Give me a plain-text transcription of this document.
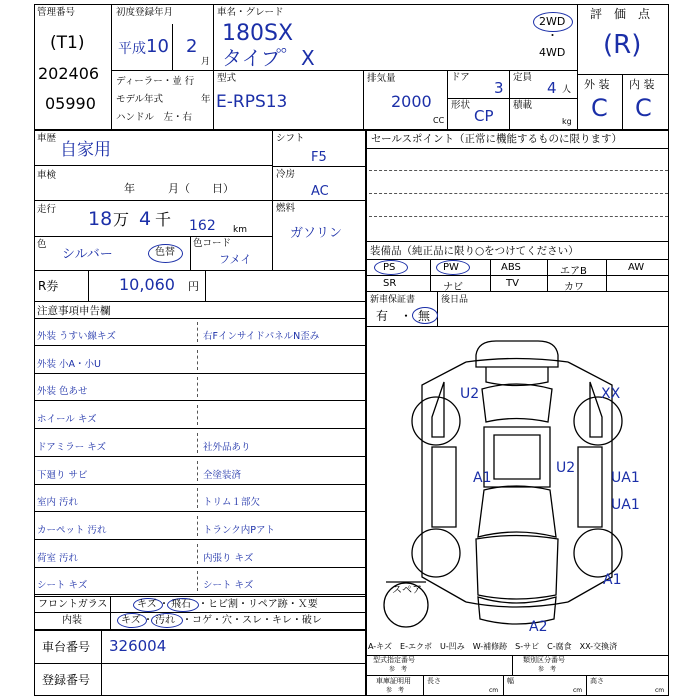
管理番号
(T1)
202406
05990
初度登録年月
平成 10 2
月
ディーラー・並 行
モデル年式	年
ハンドル　左・右
車名・グレード
180SX
タイプ゜X
2WD
・
4WD
型式
E-RPS13
排気量
2000
CC
ドア
3
定員
4 人
形状
CP
積載
kg
評　価　点
(R)
外 装 内 装
C C
車歴
自家用
車検
年　　　月（　　日）
走行 18 万 4 千 162 km
色
シルバー	色替
色コード
フメイ
シフト
F5
冷房
AC
燃料
ガソリン
R券	10,060 円
セールスポイント（正常に機能するものに限ります）
装備品（純正品に限り○をつけてください）
PS	PW	ABS	エアB	AW
SR	ナビ	TV	カワ
新車保証書
有　・ 無
後日品
注意事項申告欄
外装 うすい線キズ	右FインサイドパネルN歪み
外装 小A・小U
外装 色あせ
ホイール キズ
ドアミラー キズ	社外品あり
下廻り サビ	全塗装済
室内 汚れ	トリム１部欠
カーペット 汚れ	トランク内Pアト
荷室 汚れ	内張り キズ
シート キズ	シート キズ
フロントガラス	キズ ・ 飛石 ・ヒビ割・リペア跡・Ｘ要
内装	キズ ・ 汚れ ・コゲ・穴・スレ・キレ・破レ
車台番号 326004
登録番号
U2	XX
A1
U2
UA1
UA1
A1
A2
スペア
A-キズ　E-エクボ　U-凹み　W-補修跡　S-サビ　C-腐食　XX-交換済
型式指定番号
参　考
類別区分番号
参　考
車庫証明用
参　考
長さ
cm
幅
cm
高さ
cm
